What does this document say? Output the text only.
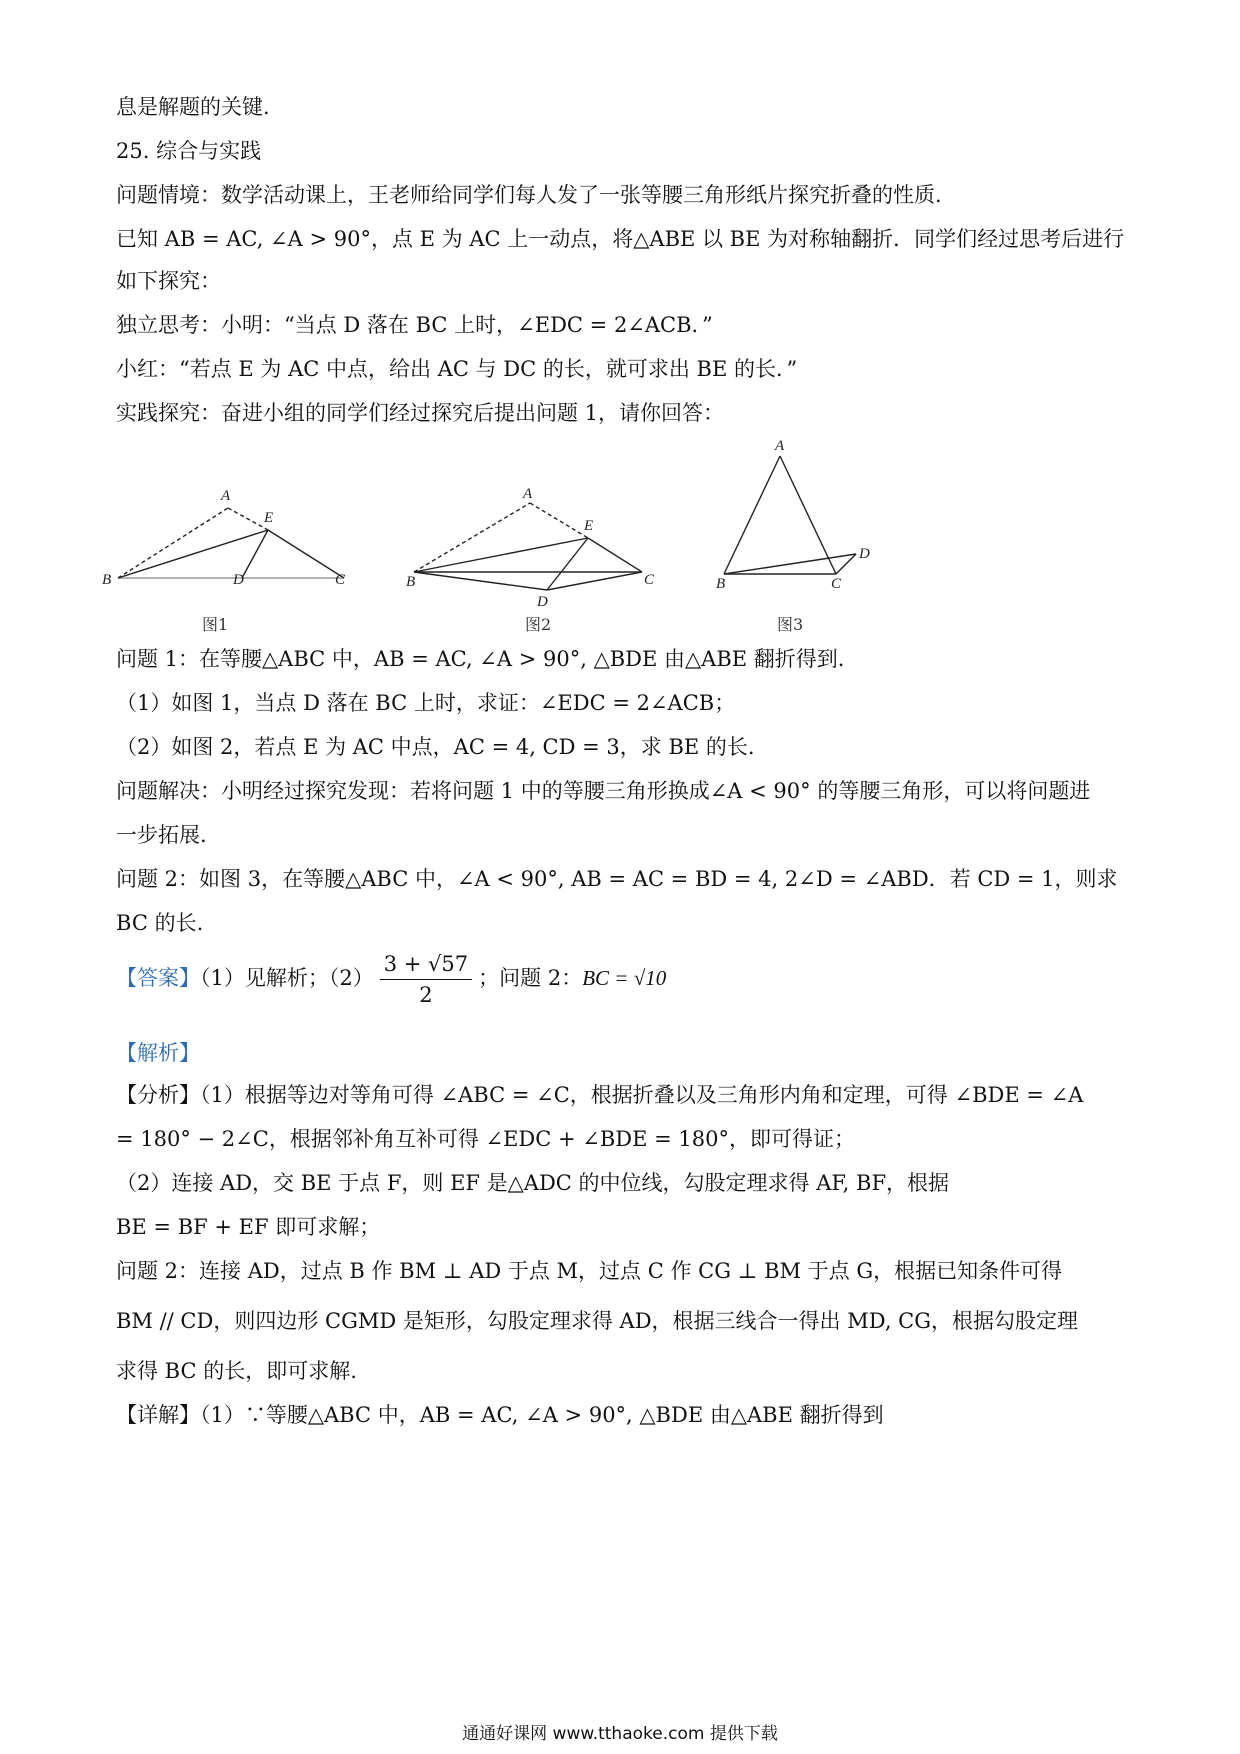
息是解题的关键.
25. 综合与实践
问题情境：数学活动课上，王老师给同学们每人发了一张等腰三角形纸片探究折叠的性质.
已知 AB = AC, ∠A > 90°，点 E 为 AC 上一动点，将△ABE 以 BE 为对称轴翻折．同学们经过思考后进行
如下探究：
独立思考：小明：“当点 D 落在 BC 上时，∠EDC = 2∠ACB．”
小红：“若点 E 为 AC 中点，给出 AC 与 DC 的长，就可求出 BE 的长．”
实践探究：奋进小组的同学们经过探究后提出问题 1，请你回答：
A
E
B	D	C
图1
A
E
B	C
D
图2
A
B	C
D
图3
问题 1：在等腰△ABC 中，AB = AC, ∠A > 90°, △BDE 由△ABE 翻折得到.
（1）如图 1，当点 D 落在 BC 上时，求证：∠EDC = 2∠ACB；
（2）如图 2，若点 E 为 AC 中点，AC = 4, CD = 3，求 BE 的长.
问题解决：小明经过探究发现：若将问题 1 中的等腰三角形换成∠A < 90° 的等腰三角形，可以将问题进
一步拓展.
问题 2：如图 3，在等腰△ABC 中，∠A < 90°, AB = AC = BD = 4, 2∠D = ∠ABD．若 CD = 1，则求
BC 的长.
【答案】（1）见解析；$(2) \frac{3 + √57}{2}$ ；问题 2：BC = √10
【解析】
【分析】（1）根据等边对等角可得 ∠ABC = ∠C，根据折叠以及三角形内角和定理，可得 ∠BDE = ∠A
= 180° − 2∠C，根据邻补角互补可得 ∠EDC + ∠BDE = 180°，即可得证；
（2）连接 AD，交 BE 于点 F，则 EF 是△ADC 的中位线，勾股定理求得 AF, BF，根据
BE = BF + EF 即可求解；
问题 2：连接 AD，过点 B 作 BM ⊥ AD 于点 M，过点 C 作 CG ⊥ BM 于点 G，根据已知条件可得
BM // CD，则四边形 CGMD 是矩形，勾股定理求得 AD，根据三线合一得出 MD, CG，根据勾股定理
求得 BC 的长，即可求解.
【详解】（1）∵等腰△ABC 中，AB = AC, ∠A > 90°, △BDE 由△ABE 翻折得到
通通好课网 www.tthaoke.com 提供下载
